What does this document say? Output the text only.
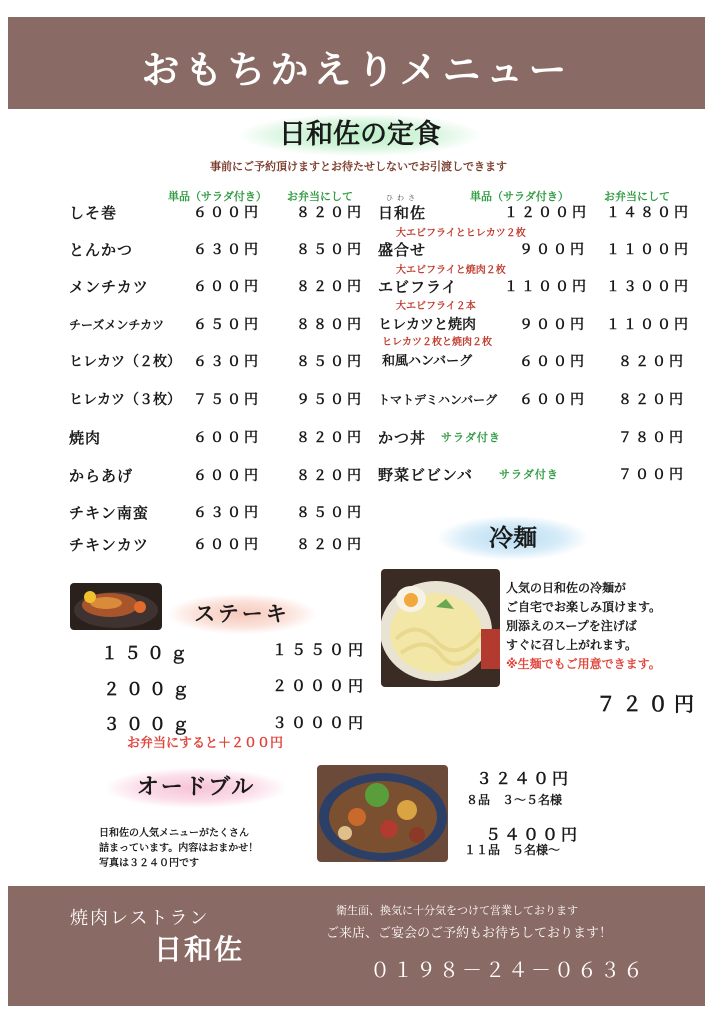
おもちかえりメニュー
日和佐の定食
事前にご予約頂けますとお待たせしないでお引渡しできます
単品（サラダ付き） お弁当にして	単品（サラダ付き）	お弁当にして
しそ巻	６００円	８２０円
とんかつ	６３０円	８５０円
メンチカツ	６００円	８２０円
チーズメンチカツ ６５０円	８８０円
ヒレカツ（２枚） ６３０円	８５０円
ヒレカツ（３枚） ７５０円	９５０円
焼肉	６００円	８２０円
からあげ	６００円	８２０円
チキン南蛮	６３０円	８５０円
チキンカツ	６００円	８２０円
ひわさ
日和佐	１２００円 １４８０円
大エビフライとヒレカツ２枚
盛合せ	９００円 １１００円
大エビフライと焼肉２枚
エビフライ	１１００円 １３００円
大エビフライ２本
ヒレカツと焼肉	９００円 １１００円
ヒレカツ２枚と焼肉２枚
和風ハンバーグ	６００円 ８２０円
トマトデミハンバーグ ６００円 ８２０円
かつ丼 サラダ付き	７８０円
野菜ビビンバ サラダ付き	７００円
冷麺
人気の日和佐の冷麺が
ご自宅でお楽しみ頂けます。
別添えのスープを注げば
すぐに召し上がれます。
※生麺でもご用意できます。
７２０円
ステーキ
１５０ｇ	１５５０円
２００ｇ	２０００円
３００ｇ	３０００円
お弁当にすると＋２００円
オードブル
日和佐の人気メニューがたくさん
詰まっています。内容はおまかせ！
写真は３２４０円です
３２４０円
８品　３～５名様
５４００円
１１品　５名様～
焼肉レストラン
日和佐
衛生面、換気に十分気をつけて営業しております
ご来店、ご宴会のご予約もお待ちしております！
０１９８－２４－０６３６
